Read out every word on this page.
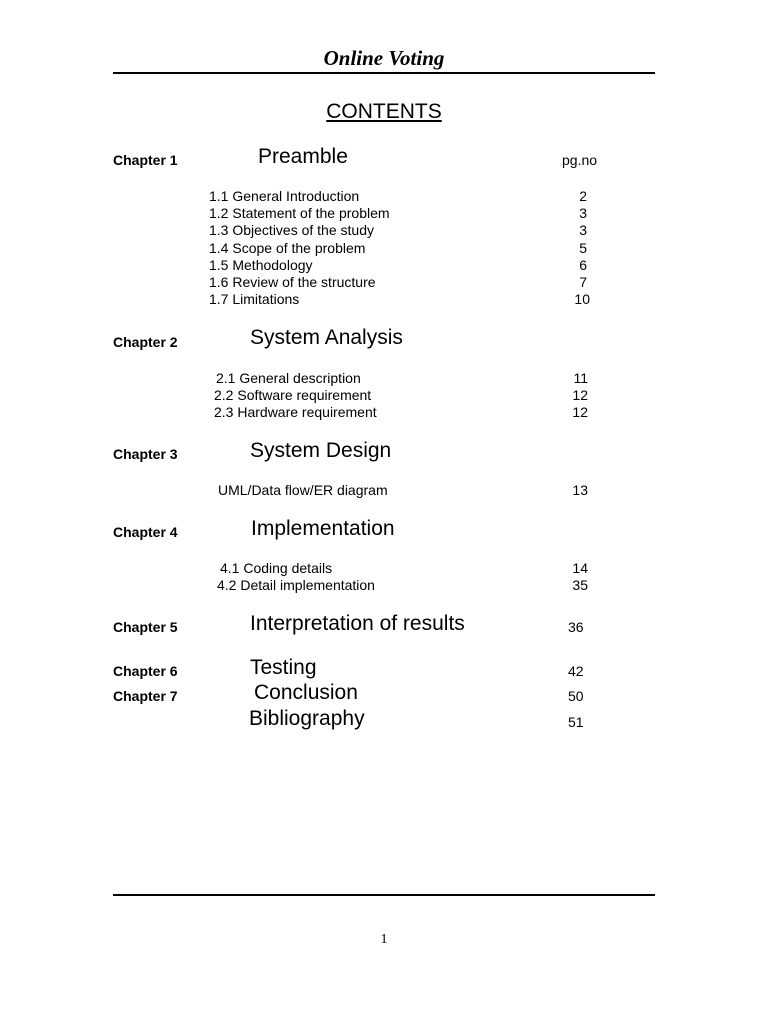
Online Voting
CONTENTS
Chapter 1	Preamble	pg.no
1.1 General Introduction	2
1.2 Statement of the problem	3
1.3 Objectives of the study	3
1.4 Scope of the problem	5
1.5 Methodology	6
1.6 Review of the structure	7
1.7 Limitations	10
Chapter 2	System Analysis
2.1 General description	11
2.2 Software requirement	12
2.3 Hardware requirement	12
Chapter 3	System Design
UML/Data flow/ER diagram	13
Chapter 4	Implementation
4.1 Coding details	14
4.2 Detail implementation	35
Chapter 5	Interpretation of results	36
Chapter 6	Testing	42
Chapter 7	Conclusion	50
Bibliography	51
1
